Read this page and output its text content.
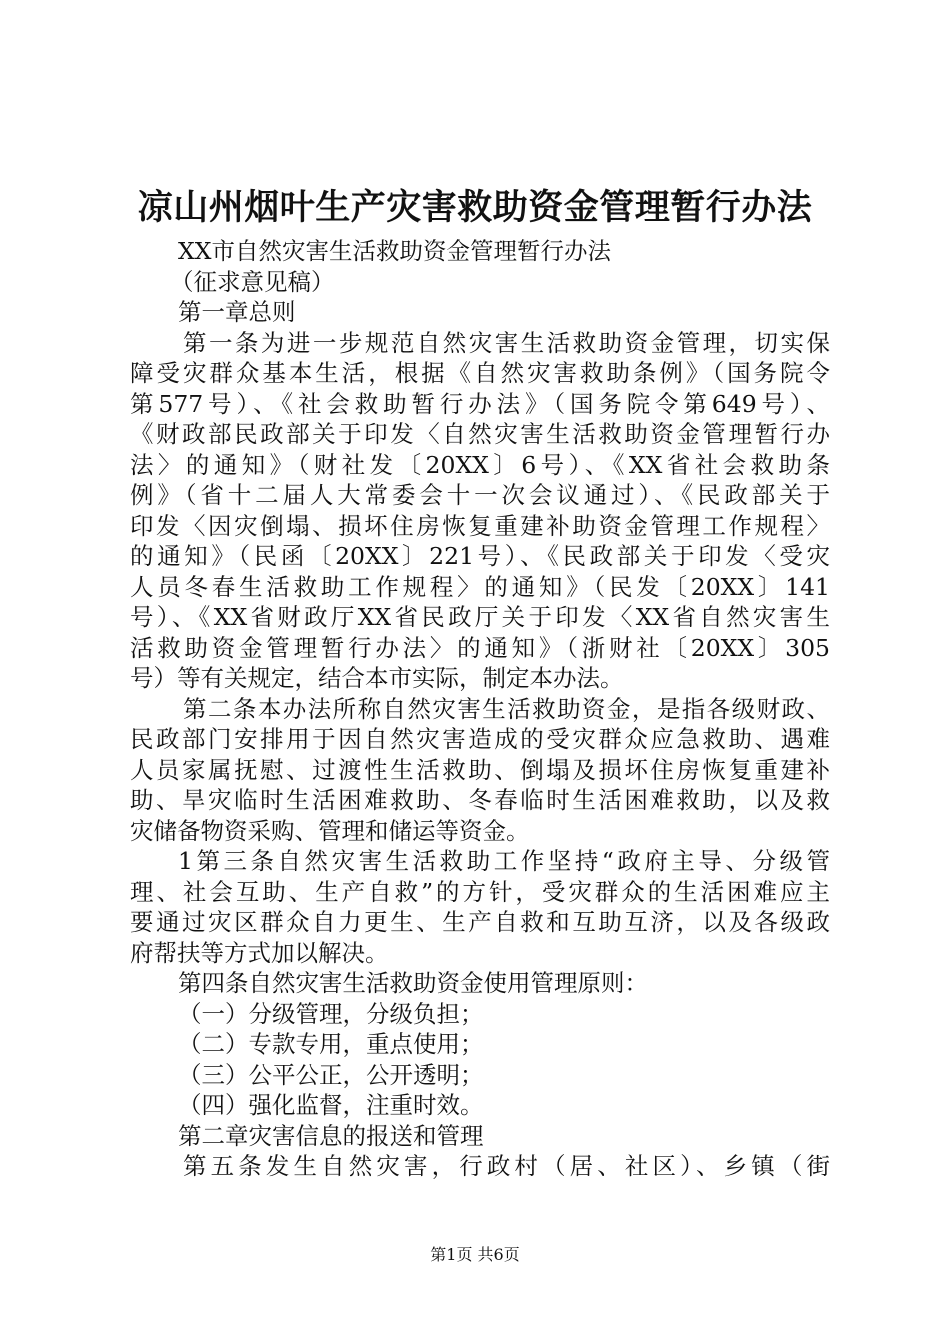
凉山州烟叶生产灾害救助资金管理暂行办法
XX市自然灾害生活救助资金管理暂行办法
（征求意见稿）
第一章总则
第一条为进一步规范自然灾害生活救助资金管理，切实保
障受灾群众基本生活，根据《自然灾害救助条例》（国务院令
第577号）、《社会救助暂行办法》（国务院令第649号）、
《财政部民政部关于印发〈自然灾害生活救助资金管理暂行办
法〉的通知》（财社发〔20XX〕6号）、《XX省社会救助条
例》（省十二届人大常委会十一次会议通过）、《民政部关于
印发〈因灾倒塌、损坏住房恢复重建补助资金管理工作规程〉
的通知》（民函〔20XX〕221号）、《民政部关于印发〈受灾
人员冬春生活救助工作规程〉的通知》（民发〔20XX〕141
号）、《XX省财政厅XX省民政厅关于印发〈XX省自然灾害生
活救助资金管理暂行办法〉的通知》（浙财社〔20XX〕305
号）等有关规定，结合本市实际，制定本办法。
第二条本办法所称自然灾害生活救助资金，是指各级财政、
民政部门安排用于因自然灾害造成的受灾群众应急救助、遇难
人员家属抚慰、过渡性生活救助、倒塌及损坏住房恢复重建补
助、旱灾临时生活困难救助、冬春临时生活困难救助，以及救
灾储备物资采购、管理和储运等资金。
1第三条自然灾害生活救助工作坚持“政府主导、分级管
理、社会互助、生产自救”的方针，受灾群众的生活困难应主
要通过灾区群众自力更生、生产自救和互助互济，以及各级政
府帮扶等方式加以解决。
第四条自然灾害生活救助资金使用管理原则：
（一）分级管理，分级负担；
（二）专款专用，重点使用；
（三）公平公正，公开透明；
（四）强化监督，注重时效。
第二章灾害信息的报送和管理
第五条发生自然灾害，行政村（居、社区）、乡镇（街
第1页 共6页
